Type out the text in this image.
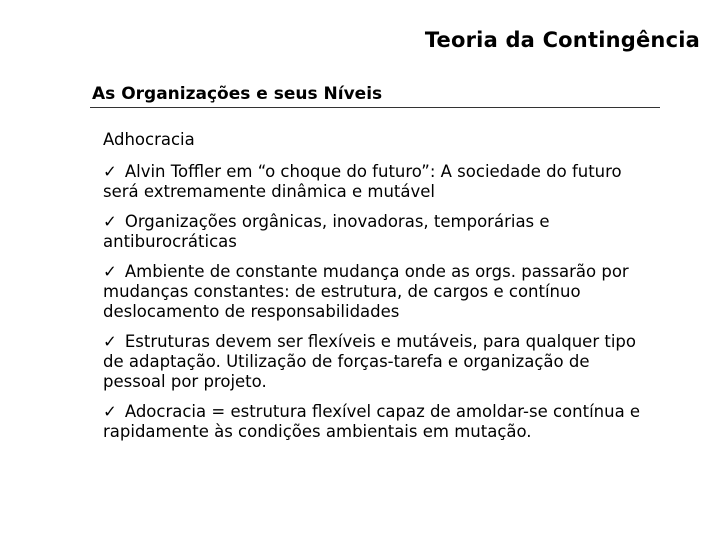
Teoria da Contingência
As Organizações e seus Níveis
Adhocracia
✓ Alvin Toffler em “o choque do futuro”: A sociedade do futuro será extremamente dinâmica e mutável
✓ Organizações orgânicas, inovadoras, temporárias e antiburocráticas
✓ Ambiente de constante mudança onde as orgs. passarão por mudanças constantes: de estrutura, de cargos e contínuo deslocamento de responsabilidades
✓ Estruturas devem ser flexíveis e mutáveis, para qualquer tipo de adaptação. Utilização de forças-tarefa e organização de pessoal por projeto.
✓ Adocracia = estrutura flexível capaz de amoldar-se contínua e rapidamente às condições ambientais em mutação.
